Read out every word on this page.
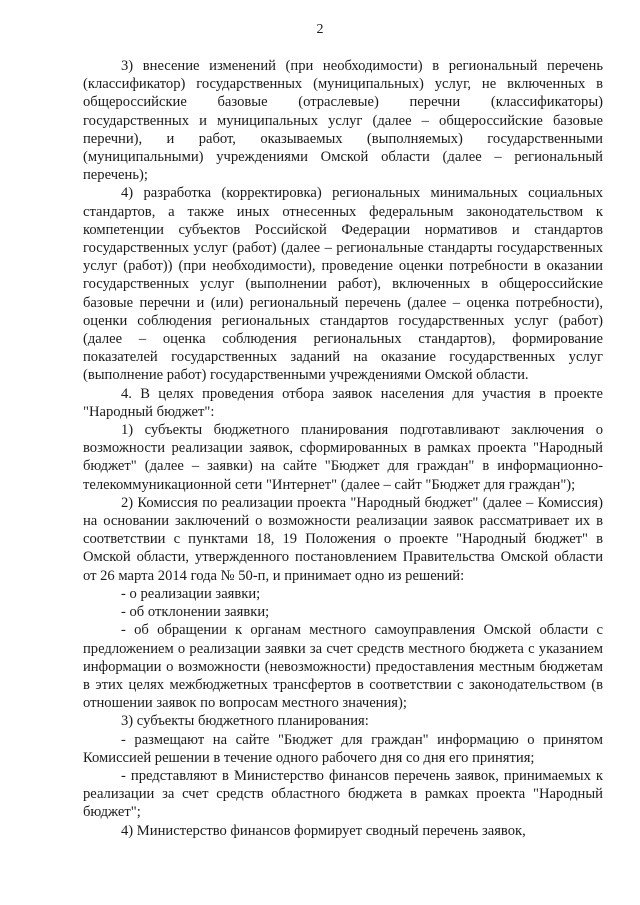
2

3) внесение изменений (при необходимости) в региональный перечень (классификатор) государственных (муниципальных) услуг, не включенных в общероссийские базовые (отраслевые) перечни (классификаторы) государственных и муниципальных услуг (далее – общероссийские базовые перечни), и работ, оказываемых (выполняемых) государственными (муниципальными) учреждениями Омской области (далее – региональный перечень);

4) разработка (корректировка) региональных минимальных социальных стандартов, а также иных отнесенных федеральным законодательством к компетенции субъектов Российской Федерации нормативов и стандартов государственных услуг (работ) (далее – региональные стандарты государственных услуг (работ)) (при необходимости), проведение оценки потребности в оказании государственных услуг (выполнении работ), включенных в общероссийские базовые перечни и (или) региональный перечень (далее – оценка потребности), оценки соблюдения региональных стандартов государственных услуг (работ) (далее – оценка соблюдения региональных стандартов), формирование показателей государственных заданий на оказание государственных услуг (выполнение работ) государственными учреждениями Омской области.

4. В целях проведения отбора заявок населения для участия в проекте "Народный бюджет":

1) субъекты бюджетного планирования подготавливают заключения о возможности реализации заявок, сформированных в рамках проекта "Народный бюджет" (далее – заявки) на сайте "Бюджет для граждан" в информационно-телекоммуникационной сети "Интернет" (далее – сайт "Бюджет для граждан");

2) Комиссия по реализации проекта "Народный бюджет" (далее – Комиссия) на основании заключений о возможности реализации заявок рассматривает их в соответствии с пунктами 18, 19 Положения о проекте "Народный бюджет" в Омской области, утвержденного постановлением Правительства Омской области от 26 марта 2014 года № 50-п, и принимает одно из решений:

- о реализации заявки;

- об отклонении заявки;

- об обращении к органам местного самоуправления Омской области с предложением о реализации заявки за счет средств местного бюджета с указанием информации о возможности (невозможности) предоставления местным бюджетам в этих целях межбюджетных трансфертов в соответствии с законодательством (в отношении заявок по вопросам местного значения);

3) субъекты бюджетного планирования:

- размещают на сайте "Бюджет для граждан" информацию о принятом Комиссией решении в течение одного рабочего дня со дня его принятия;

- представляют в Министерство финансов перечень заявок, принимаемых к реализации за счет средств областного бюджета в рамках проекта "Народный бюджет";

4) Министерство финансов формирует сводный перечень заявок,
